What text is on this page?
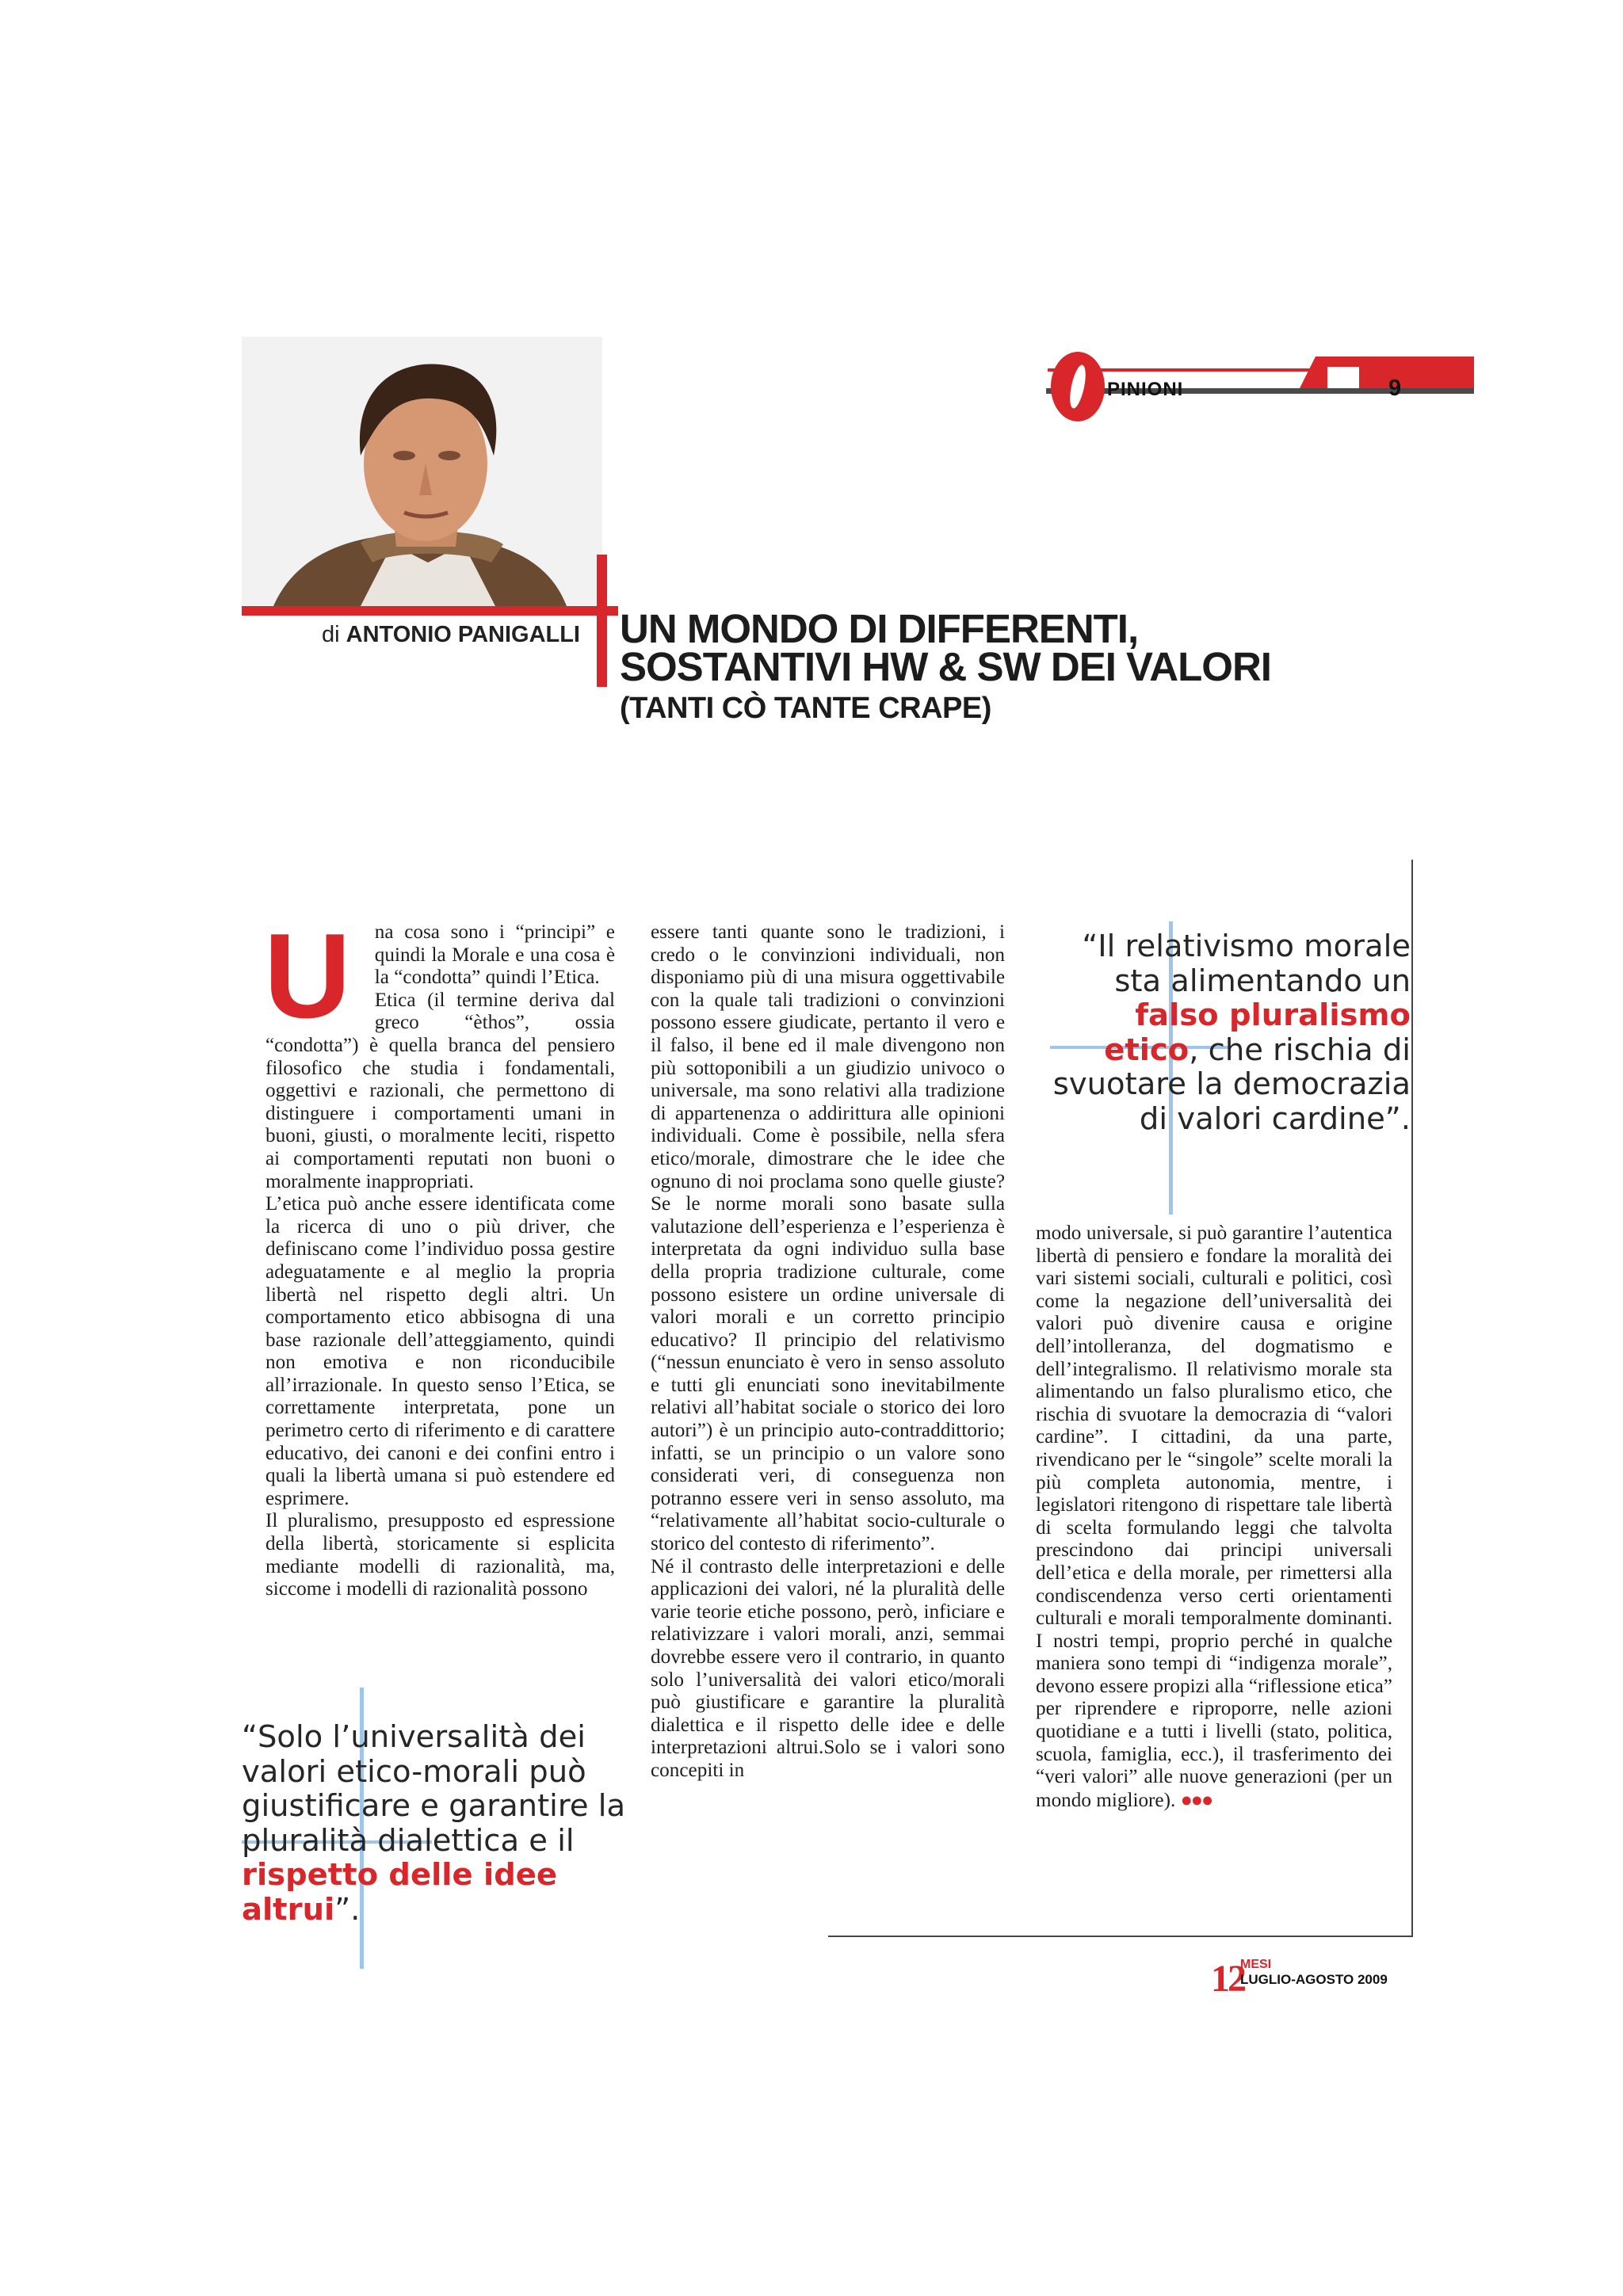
PINIONI	9
di ANTONIO PANIGALLI UN MONDO DI DIFFERENTI,
SOSTANTIVI HW & SW DEI VALORI
(TANTI CÒ TANTE CRAPE)
U	na cosa sono i “principi” e quindi la Morale e una cosa è la “condotta” quindi l’Etica.

Etica (il termine deriva dal greco “èthos”, ossia “condotta”) è quella branca del pensiero filosofico che studia i fondamentali, oggettivi e razionali, che permettono di distinguere i comportamenti umani in buoni, giusti, o moralmente leciti, rispetto ai comportamenti reputati non buoni o moralmente inappropriati.

L’etica può anche essere identificata come la ricerca di uno o più driver, che definiscano come l’individuo possa gestire adeguatamente e al meglio la propria libertà nel rispetto degli altri. Un comportamento etico abbisogna di una base razionale dell’atteggiamento, quindi non emotiva e non riconducibile all’irrazionale. In questo senso l’Etica, se correttamente interpretata, pone un perimetro certo di riferimento e di carattere educativo, dei canoni e dei confini entro i quali la libertà umana si può estendere ed esprimere.

Il pluralismo, presupposto ed espressione della libertà, storicamente si esplicita mediante modelli di razionalità, ma, siccome i modelli di razionalità possono

essere tanti quante sono le tradizioni, i credo o le convinzioni individuali, non disponiamo più di una misura oggettivabile con la quale tali tradizioni o convinzioni possono essere giudicate, pertanto il vero e il falso, il bene ed il male divengono non più sottoponibili a un giudizio univoco o universale, ma sono relativi alla tradizione di appartenenza o addirittura alle opinioni individuali. Come è possibile, nella sfera etico/morale, dimostrare che le idee che ognuno di noi proclama sono quelle giuste? Se le norme morali sono basate sulla valutazione dell’esperienza e l’esperienza è interpretata da ogni individuo sulla base della propria tradizione culturale, come possono esistere un ordine universale di valori morali e un corretto principio educativo? Il principio del relativismo (“nessun enunciato è vero in senso assoluto e tutti gli enunciati sono inevitabilmente relativi all’habitat sociale o storico dei loro autori”) è un principio auto-contraddittorio; infatti, se un principio o un valore sono considerati veri, di conseguenza non potranno essere veri in senso assoluto, ma “relativamente all’habitat socio-culturale o storico del contesto di riferimento”.

Né il contrasto delle interpretazioni e delle applicazioni dei valori, né la pluralità delle varie teorie etiche possono, però, inficiare e relativizzare i valori morali, anzi, semmai dovrebbe essere vero il contrario, in quanto solo l’universalità dei valori etico/morali può giustificare e garantire la pluralità dialettica e il rispetto delle idee e delle interpretazioni altrui.Solo se i valori sono concepiti in

modo universale, si può garantire l’autentica libertà di pensiero e fondare la moralità dei vari sistemi sociali, culturali e politici, così come la negazione dell’universalità dei valori può divenire causa e origine dell’intolleranza, del dogmatismo e dell’integralismo. Il relativismo morale sta alimentando un falso pluralismo etico, che rischia di svuotare la democrazia di “valori cardine”. I cittadini, da una parte, rivendicano per le “singole” scelte morali la più completa autonomia, mentre, i legislatori ritengono di rispettare tale libertà di scelta formulando leggi che talvolta prescindono dai principi universali dell’etica e della morale, per rimettersi alla condiscendenza verso certi orientamenti culturali e morali temporalmente dominanti. I nostri tempi, proprio perché in qualche maniera sono tempi di “indigenza morale”, devono essere propizi alla “riflessione etica” per riprendere e riproporre, nelle azioni quotidiane e a tutti i livelli (stato, politica, scuola, famiglia, ecc.), il trasferimento dei “veri valori” alle nuove generazioni (per un mondo migliore). ●●●

“Il relativismo morale sta alimentando un falso pluralismo etico, che rischia di svuotare la democrazia di valori cardine”.
“Solo l’universalità dei valori etico-morali può giustificare e garantire la pluralità dialettica e il rispetto delle idee altrui”.
12
MESI
LUGLIO-AGOSTO 2009
